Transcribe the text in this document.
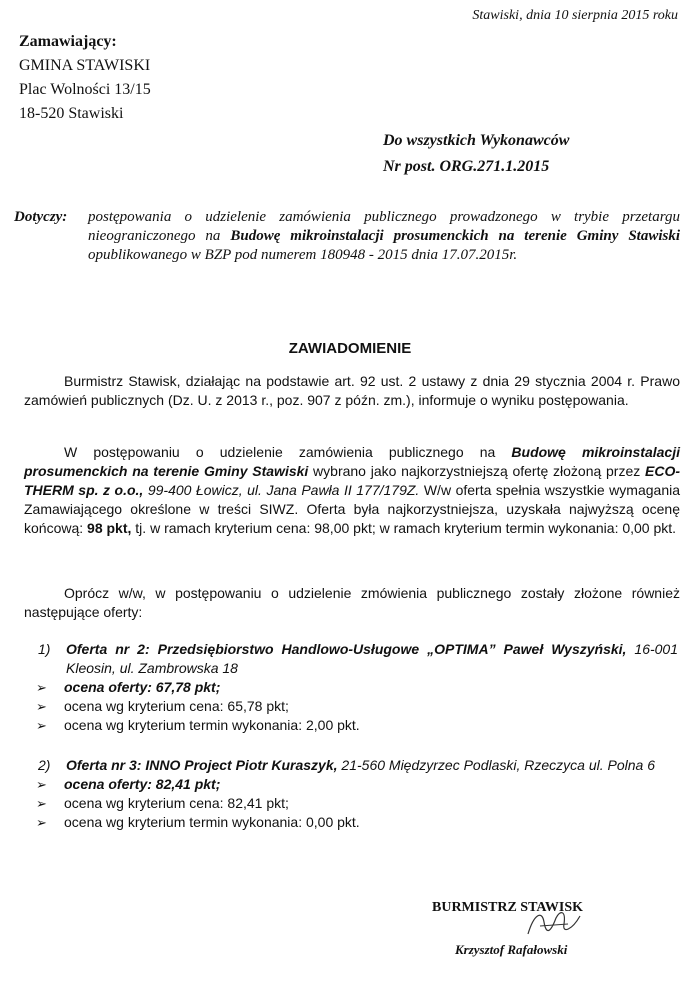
Stawiski, dnia 10 sierpnia 2015 roku
Zamawiający:
GMINA STAWISKI
Plac Wolności 13/15
18-520 Stawiski
Do wszystkich Wykonawców
Nr post. ORG.271.1.2015
Dotyczy: postępowania o udzielenie zamówienia publicznego prowadzonego w trybie przetargu nieograniczonego na Budowę mikroinstalacji prosumenckich na terenie Gminy Stawiski opublikowanego w BZP pod numerem 180948 - 2015 dnia 17.07.2015r.
ZAWIADOMIENIE
Burmistrz Stawisk, działając na podstawie art. 92 ust. 2 ustawy z dnia 29 stycznia 2004 r. Prawo zamówień publicznych (Dz. U. z 2013 r., poz. 907 z późn. zm.), informuje o wyniku postępowania.
W postępowaniu o udzielenie zamówienia publicznego na Budowę mikroinstalacji prosumenckich na terenie Gminy Stawiski wybrano jako najkorzystniejszą ofertę złożoną przez ECO-THERM sp. z o.o., 99-400 Łowicz, ul. Jana Pawła II 177/179Z. W/w oferta spełnia wszystkie wymagania Zamawiającego określone w treści SIWZ. Oferta była najkorzystniejsza, uzyskała najwyższą ocenę końcową: 98 pkt, tj. w ramach kryterium cena: 98,00 pkt; w ramach kryterium termin wykonania: 0,00 pkt.
Oprócz w/w, w postępowaniu o udzielenie zmówienia publicznego zostały złożone również następujące oferty:
1) Oferta nr 2: Przedsiębiorstwo Handlowo-Usługowe „OPTIMA” Paweł Wyszyński, 16-001 Kleosin, ul. Zambrowska 18
➢ ocena oferty: 67,78 pkt;
➢ ocena wg kryterium cena: 65,78 pkt;
➢ ocena wg kryterium termin wykonania: 2,00 pkt.
2) Oferta nr 3: INNO Project Piotr Kuraszyk, 21-560 Międzyrzec Podlaski, Rzeczyca ul. Polna 6
➢ ocena oferty: 82,41 pkt;
➢ ocena wg kryterium cena: 82,41 pkt;
➢ ocena wg kryterium termin wykonania: 0,00 pkt.
BURMISTRZ STAWISK
Krzysztof Rafałowski
